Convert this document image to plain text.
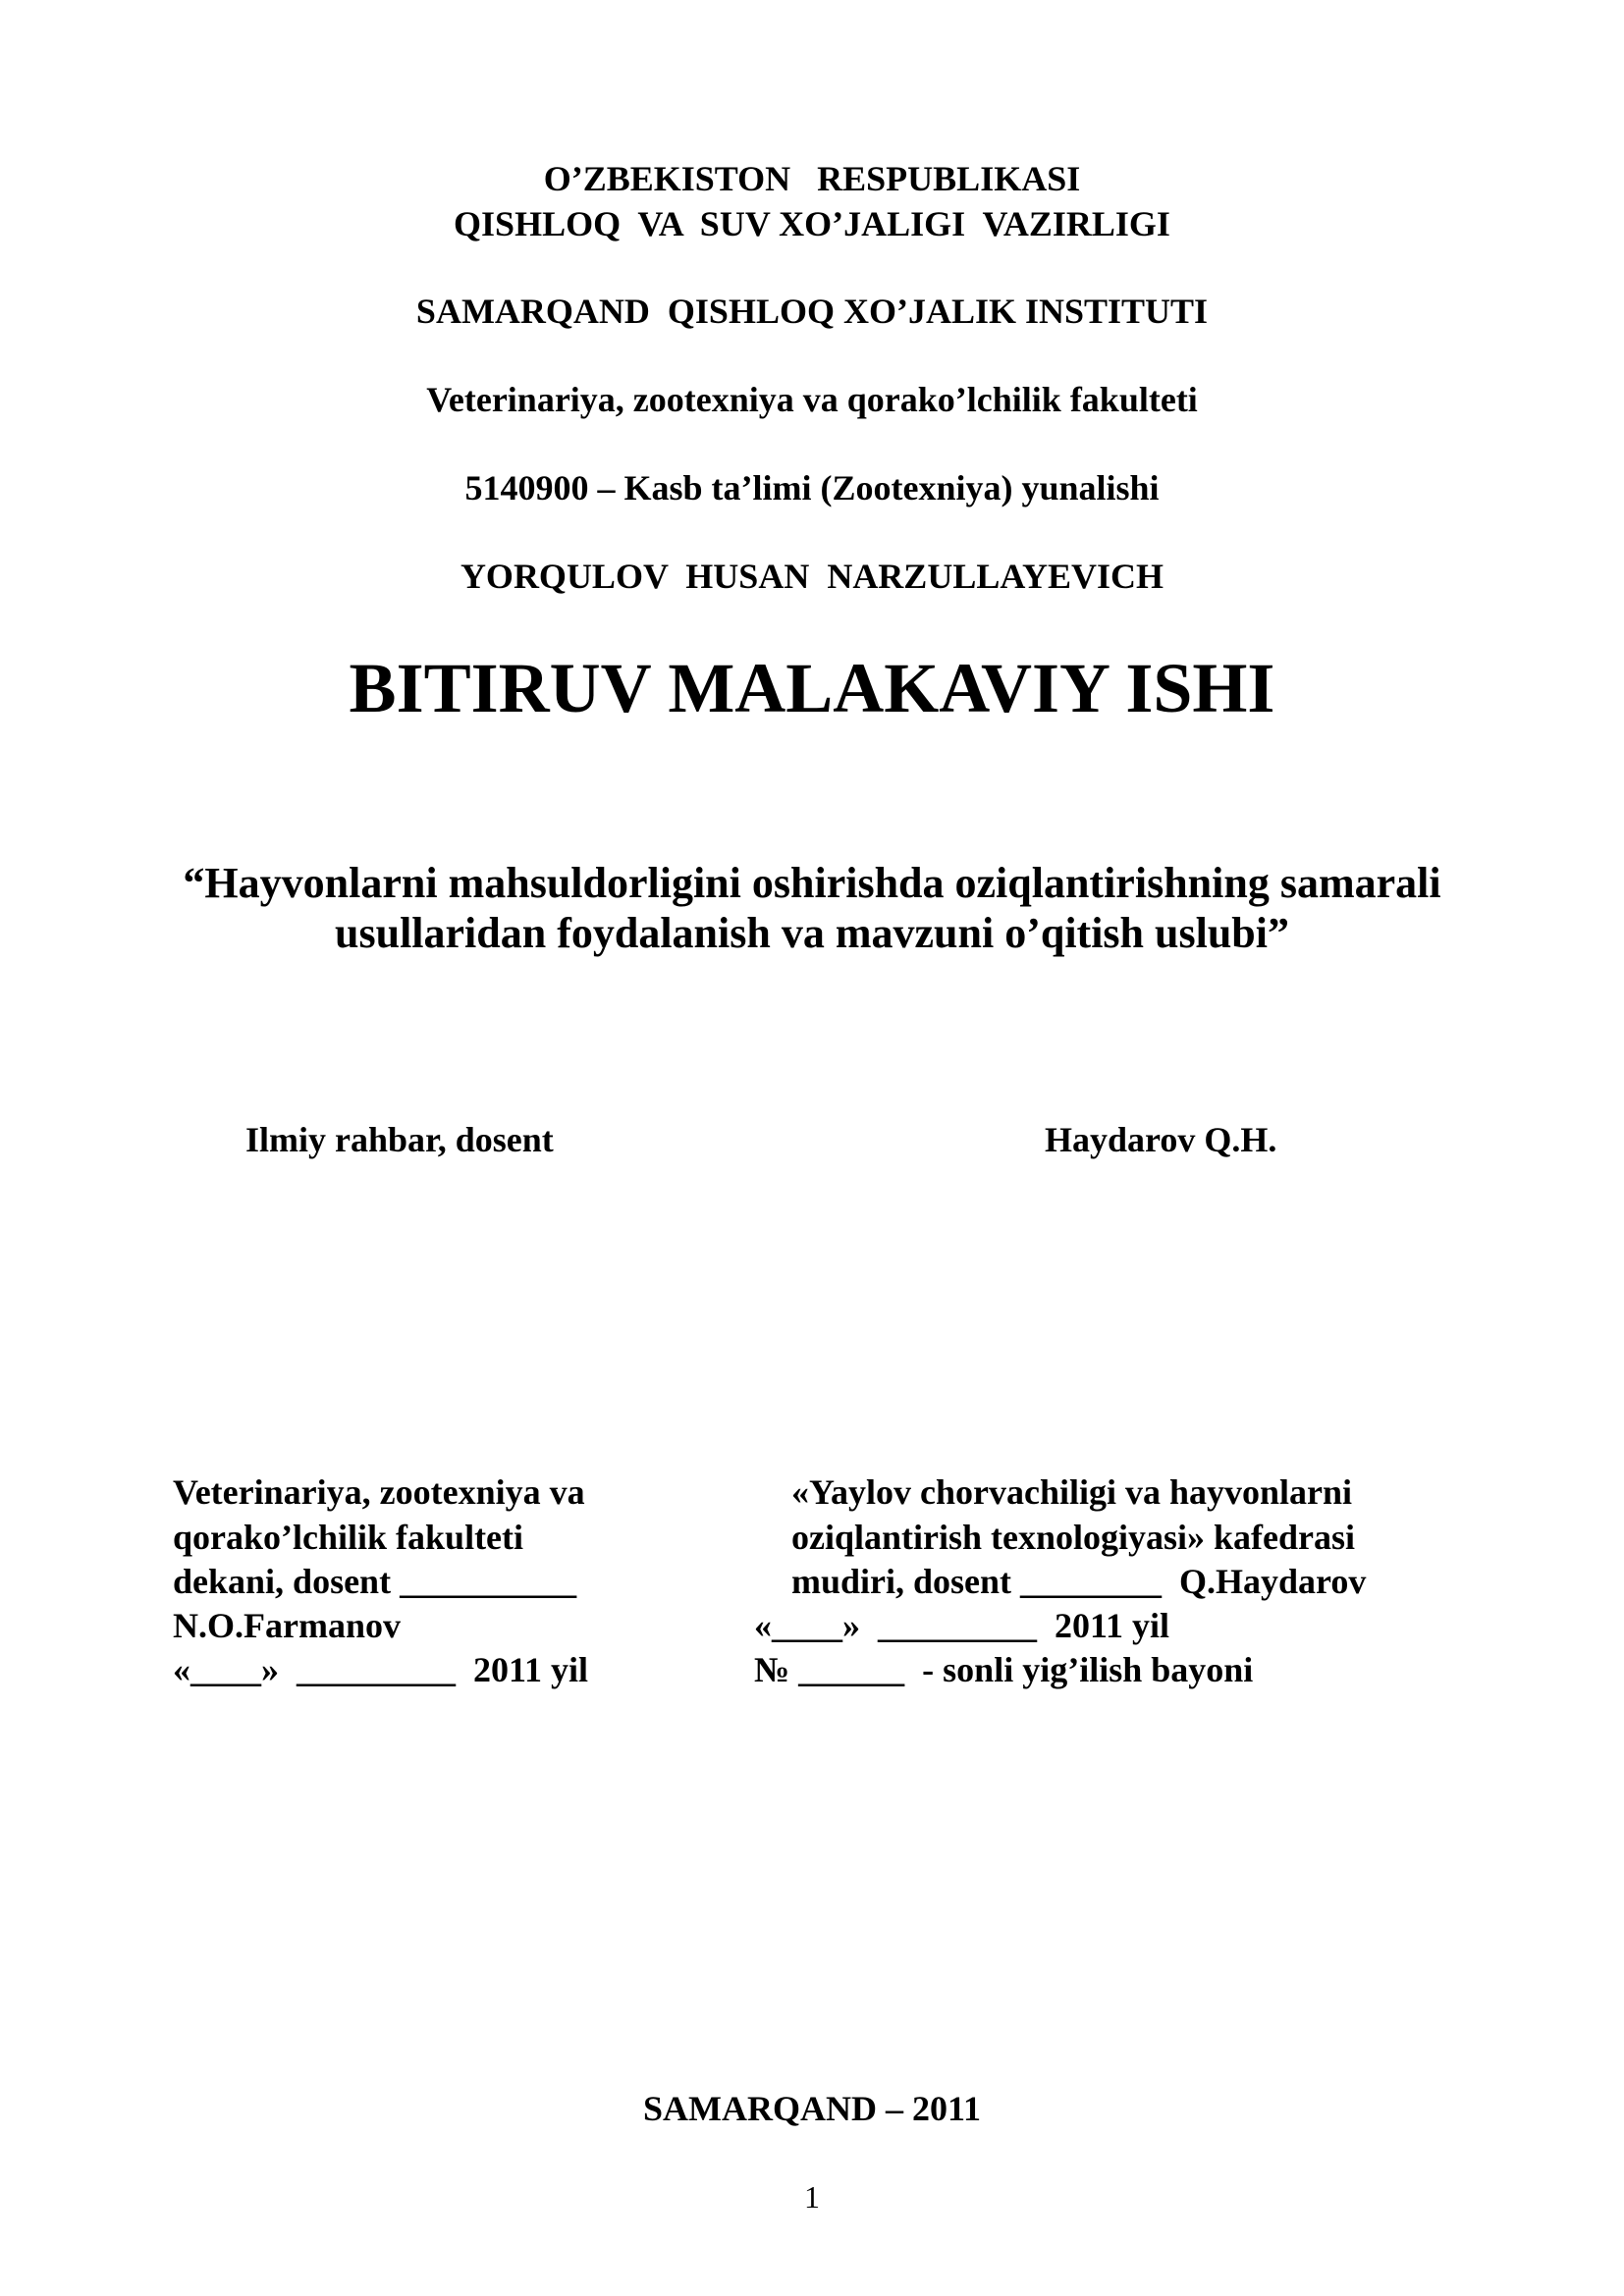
O’ZBEKISTON   RESPUBLIKASI
QISHLOQ  VA  SUV XO’JALIGI  VAZIRLIGI
SAMARQAND  QISHLOQ XO’JALIK INSTITUTI
Veterinariya, zootexniya va qorako’lchilik fakulteti
5140900 – Kasb ta’limi (Zootexniya) yunalishi
YORQULOV  HUSAN  NARZULLAYEVICH
BITIRUV MALAKAVIY ISHI
“Hayvonlarni mahsuldorligini oshirishda oziqlantirishning samarali
usullaridan foydalanish va mavzuni o’qitish uslubi”
Ilmiy rahbar, dosent	Haydarov Q.H.
Veterinariya, zootexniya va
qorako’lchilik fakulteti
dekani, dosent __________
N.O.Farmanov
«____»  _________  2011 yil
«Yaylov chorvachiligi va hayvonlarni
oziqlantirish texnologiyasi» kafedrasi
mudiri, dosent ________  Q.Haydarov
«____»  _________  2011 yil
№ ______  - sonli yig’ilish bayoni
SAMARQAND – 2011
1
